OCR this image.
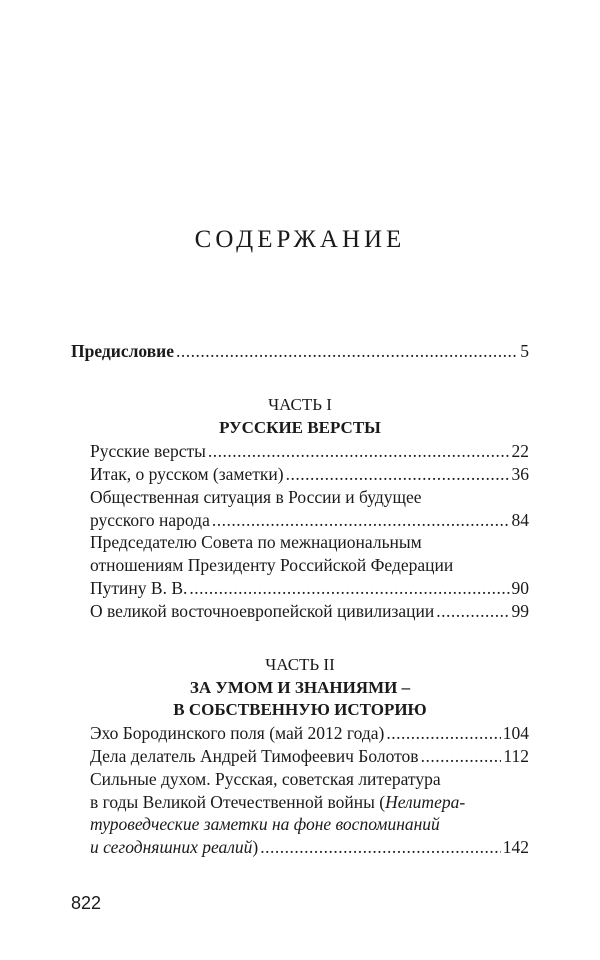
СОДЕРЖАНИЕ
Предисловие .....	5
ЧАСТЬ I
РУССКИЕ ВЕРСТЫ
Русские версты .....	22
Итак, о русском (заметки) .....	36
Общественная ситуация в России и будущее
русского народа .....	84
Председателю Совета по межнациональным
отношениям Президенту Российской Федерации
Путину В. В. .....	90
О великой восточноевропейской цивилизации .....	99
ЧАСТЬ II
ЗА УМОМ И ЗНАНИЯМИ –
В СОБСТВЕННУЮ ИСТОРИЮ
Эхо Бородинского поля (май 2012 года) .....	104
Дела делатель Андрей Тимофеевич Болотов .....	112
Сильные духом. Русская, советская литература
в годы Великой Отечественной войны (Нелитера-
туроведческие заметки на фоне воспоминаний
и сегодняшних реалий) .....	142
822
